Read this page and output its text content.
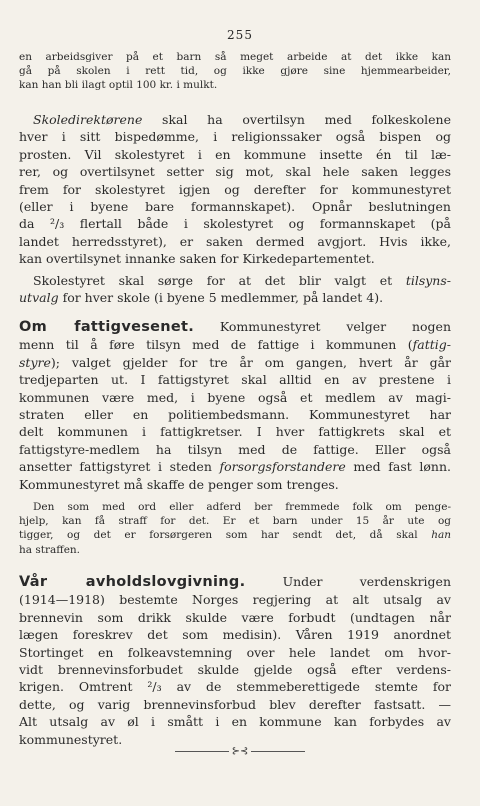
255
en arbeidsgiver på et barn så meget arbeide at det ikke kan
gå på skolen i rett tid, og ikke gjøre sine hjemmearbeider,
kan han bli ilagt optil 100 kr. i mulkt.
Skoledirektørene skal ha overtilsyn med folkeskolene
hver i sitt bispedømme, i religionssaker også bispen og
prosten. Vil skolestyret i en kommune insette én til læ-
rer, og overtilsynet setter sig mot, skal hele saken legges
frem for skolestyret igjen og derefter for kommunestyret
(eller i byene bare formannskapet). Opnår beslutningen
da ²/₃ flertall både i skolestyret og formannskapet (på
landet herredsstyret), er saken dermed avgjort. Hvis ikke,
kan overtilsynet innanke saken for Kirkedepartementet.
Skolestyret skal sørge for at det blir valgt et tilsyns-
utvalg for hver skole (i byene 5 medlemmer, på landet 4).
Om fattigvesenet. Kommunestyret velger nogen
menn til å føre tilsyn med de fattige i kommunen (fattig-
styre); valget gjelder for tre år om gangen, hvert år går
tredjeparten ut. I fattigstyret skal alltid en av prestene i
kommunen være med, i byene også et medlem av magi-
straten eller en politiembedsmann. Kommunestyret har
delt kommunen i fattigkretser. I hver fattigkrets skal et
fattigstyre-medlem ha tilsyn med de fattige. Eller også
ansetter fattigstyret i steden forsorgsforstandere med fast lønn.
Kommunestyret må skaffe de penger som trenges.
Den som med ord eller adferd ber fremmede folk om penge-
hjelp, kan få straff for det. Er et barn under 15 år ute og
tigger, og det er forsørgeren som har sendt det, då skal han
ha straffen.
Vår avholdslovgivning. Under verdenskrigen
(1914—1918) bestemte Norges regjering at alt utsalg av
brennevin som drikk skulde være forbudt (undtagen når
lægen foreskrev det som medisin). Våren 1919 anordnet
Stortinget en folkeavstemning over hele landet om hvor-
vidt brennevinsforbudet skulde gjelde også efter verdens-
krigen. Omtrent ²/₃ av de stemmeberettigede stemte for
dette, og varig brennevinsforbud blev derefter fastsatt. —
Alt utsalg av øl i smått i en kommune kan forbydes av
kommunestyret.
⊱⊰
